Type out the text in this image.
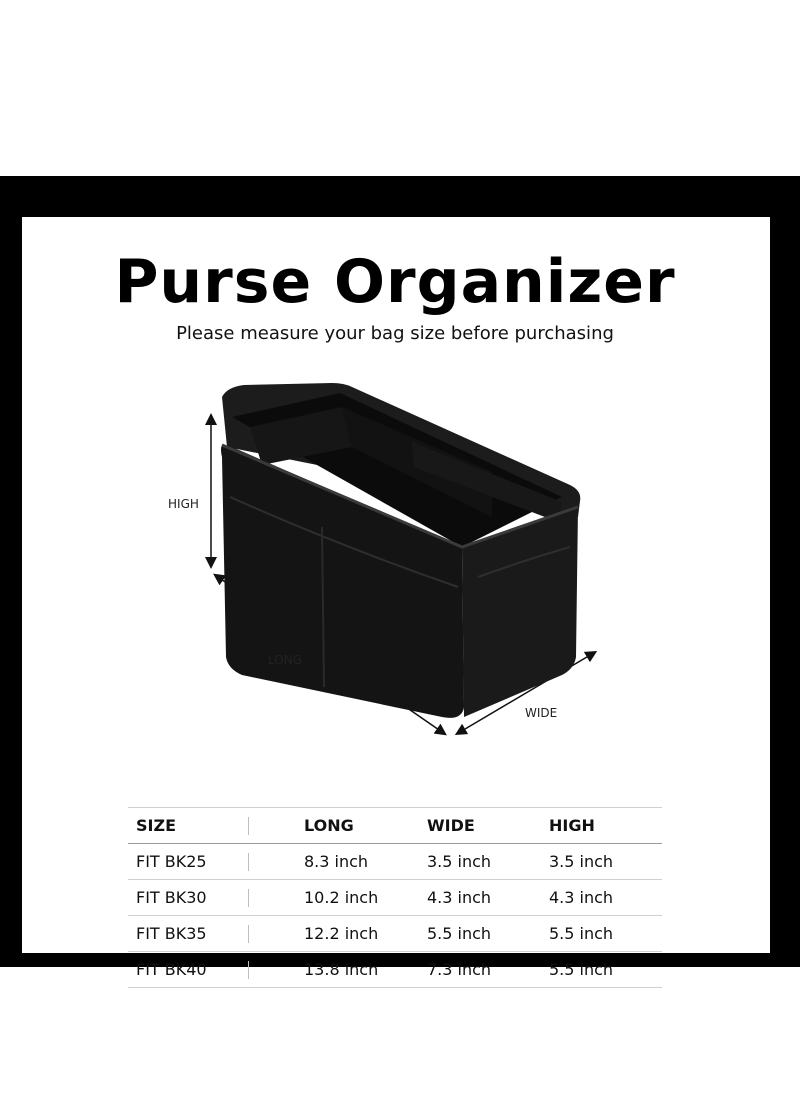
Purse Organizer
Please measure your bag size before purchasing
HIGH
LONG
WIDE
SIZE		LONG	WIDE	HIGH
FIT BK25		8.3 inch	3.5 inch	3.5 inch
FIT BK30		10.2 inch	4.3 inch	4.3 inch
FIT BK35		12.2 inch	5.5 inch	5.5 inch
FIT BK40		13.8 inch	7.3 inch	5.5 inch
